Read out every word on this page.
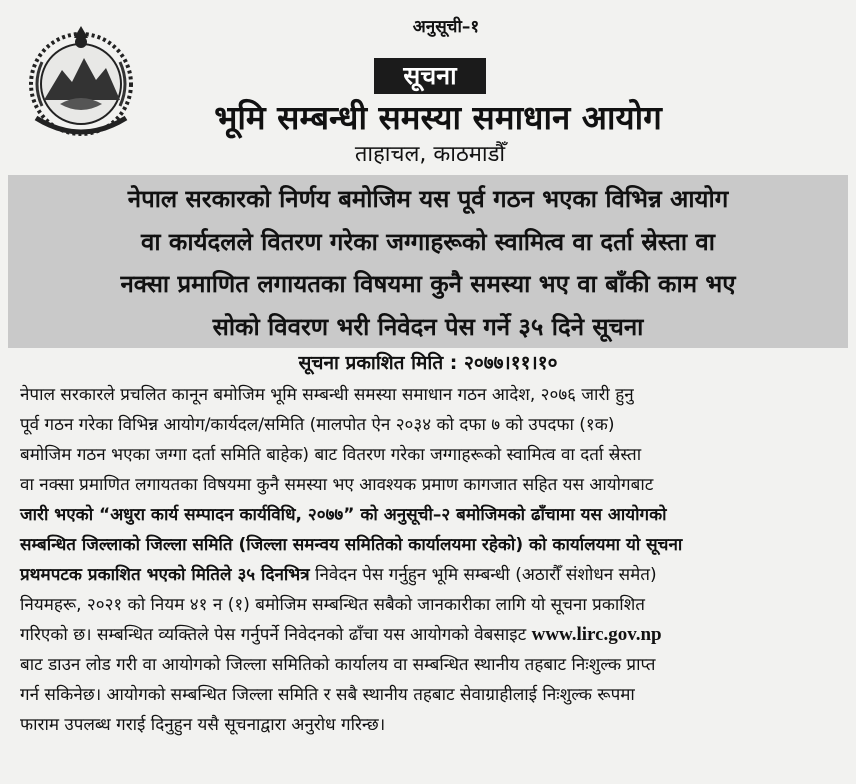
अनुसूची–१
सूचना
भूमि सम्बन्धी समस्या समाधान आयोग
ताहाचल, काठमाडौँ
नेपाल सरकारको निर्णय बमोजिम यस पूर्व गठन भएका विभिन्न आयोग
वा कार्यदलले वितरण गरेका जग्गाहरूको स्वामित्व वा दर्ता स्रेस्ता वा
नक्सा प्रमाणित लगायतका विषयमा कुनै समस्या भए वा बाँकी काम भए
सोको विवरण भरी निवेदन पेस गर्ने ३५ दिने सूचना
सूचना प्रकाशित मिति : २०७७।११।१०
नेपाल सरकारले प्रचलित कानून बमोजिम भूमि सम्बन्धी समस्या समाधान गठन आदेश, २०७६ जारी हुनु
पूर्व गठन गरेका विभिन्न आयोग/कार्यदल/समिति (मालपोत ऐन २०३४ को दफा ७ को उपदफा (१क)
बमोजिम गठन भएका जग्गा दर्ता समिति बाहेक) बाट वितरण गरेका जग्गाहरूको स्वामित्व वा दर्ता स्रेस्ता
वा नक्सा प्रमाणित लगायतका विषयमा कुनै समस्या भए आवश्यक प्रमाण कागजात सहित यस आयोगबाट
जारी भएको “अधुरा कार्य सम्पादन कार्यविधि, २०७७” को अनुसूची–२ बमोजिमको ढाँचामा यस आयोगको
सम्बन्धित जिल्लाको जिल्ला समिति (जिल्ला समन्वय समितिको कार्यालयमा रहेको) को कार्यालयमा यो सूचना
प्रथमपटक प्रकाशित भएको मितिले ३५ दिनभित्र निवेदन पेस गर्नुहुन भूमि सम्बन्धी (अठारौँ संशोधन समेत)
नियमहरू, २०२१ को नियम ४१ न (१) बमोजिम सम्बन्धित सबैको जानकारीका लागि यो सूचना प्रकाशित
गरिएको छ। सम्बन्धित व्यक्तिले पेस गर्नुपर्ने निवेदनको ढाँचा यस आयोगको वेबसाइट www.lirc.gov.np
बाट डाउन लोड गरी वा आयोगको जिल्ला समितिको कार्यालय वा सम्बन्धित स्थानीय तहबाट निःशुल्क प्राप्त
गर्न सकिनेछ। आयोगको सम्बन्धित जिल्ला समिति र सबै स्थानीय तहबाट सेवाग्राहीलाई निःशुल्क रूपमा
फाराम उपलब्ध गराई दिनुहुन यसै सूचनाद्वारा अनुरोध गरिन्छ।
